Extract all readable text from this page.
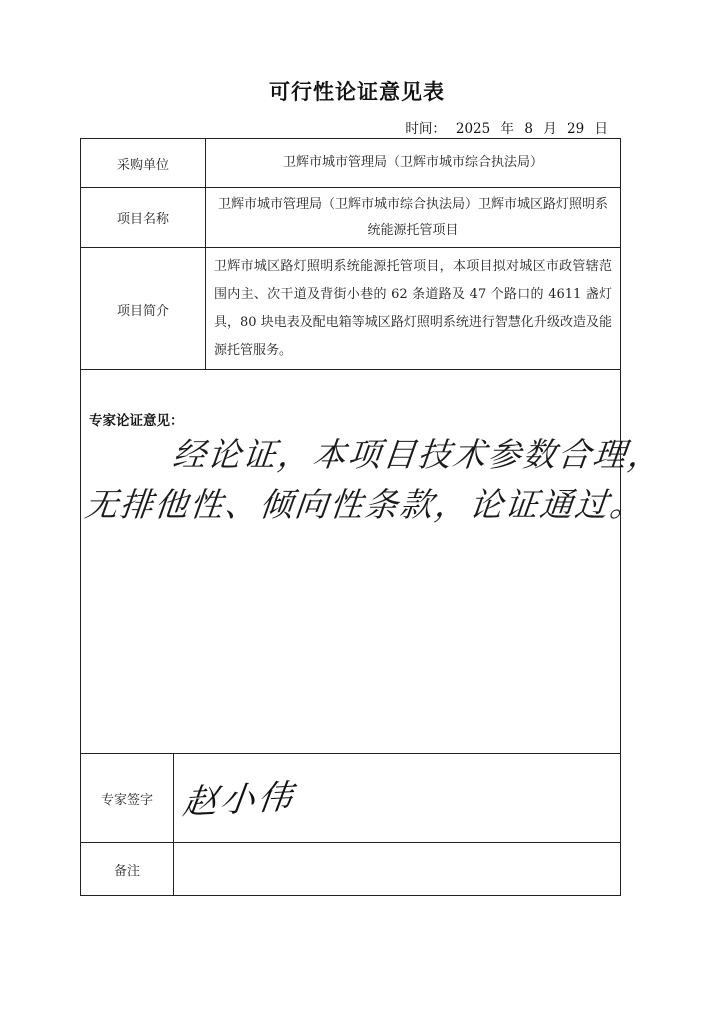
可行性论证意见表
时间： 2025 年 8 月 29 日
采购单位	卫辉市城市管理局（卫辉市城市综合执法局）
项目名称
卫辉市城市管理局（卫辉市城市综合执法局）卫辉市城区路灯照明系统能源托管项目
项目简介
卫辉市城区路灯照明系统能源托管项目，本项目拟对城区市政管辖范围内主、次干道及背街小巷的 62 条道路及 47 个路口的 4611 盏灯具，80 块电表及配电箱等城区路灯照明系统进行智慧化升级改造及能源托管服务。
专家论证意见：
经论证，本项目技术参数合理，
无排他性、倾向性条款，论证通过。
专家签字 赵小伟
备注
